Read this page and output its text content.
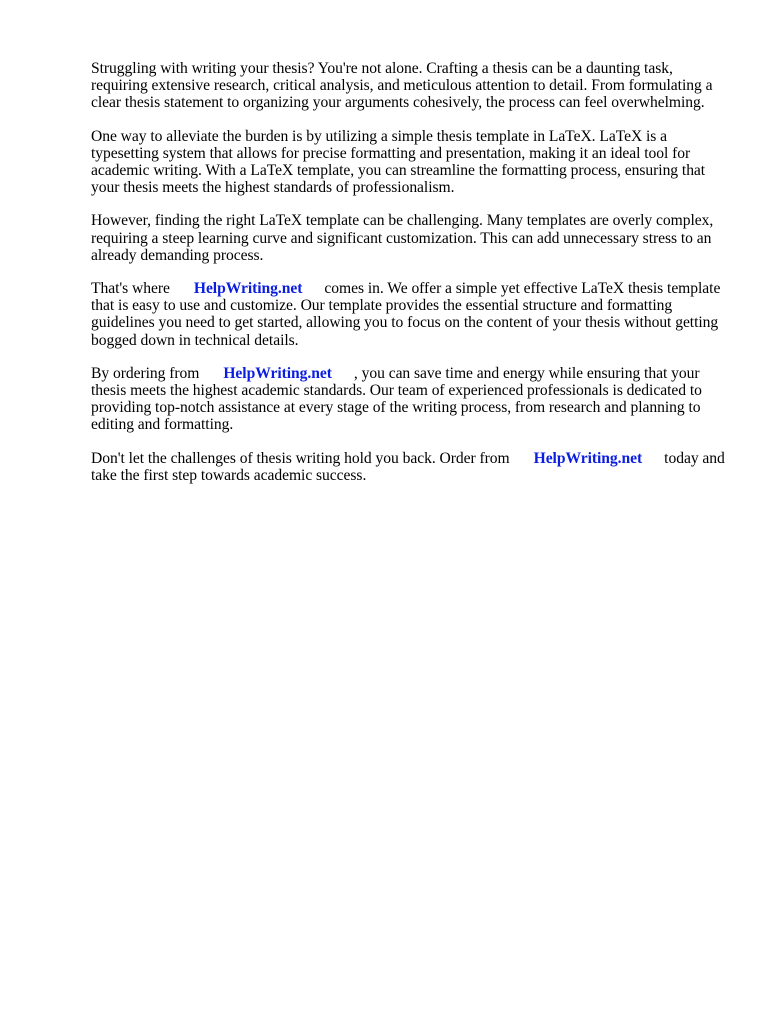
Struggling with writing your thesis? You're not alone. Crafting a thesis can be a daunting task, requiring extensive research, critical analysis, and meticulous attention to detail. From formulating a clear thesis statement to organizing your arguments cohesively, the process can feel overwhelming.

One way to alleviate the burden is by utilizing a simple thesis template in LaTeX. LaTeX is a typesetting system that allows for precise formatting and presentation, making it an ideal tool for academic writing. With a LaTeX template, you can streamline the formatting process, ensuring that your thesis meets the highest standards of professionalism.

However, finding the right LaTeX template can be challenging. Many templates are overly complex, requiring a steep learning curve and significant customization. This can add unnecessary stress to an already demanding process.

That's where HelpWriting.net comes in. We offer a simple yet effective LaTeX thesis template that is easy to use and customize. Our template provides the essential structure and formatting guidelines you need to get started, allowing you to focus on the content of your thesis without getting bogged down in technical details.

By ordering from HelpWriting.net , you can save time and energy while ensuring that your thesis meets the highest academic standards. Our team of experienced professionals is dedicated to providing top-notch assistance at every stage of the writing process, from research and planning to editing and formatting.

Don't let the challenges of thesis writing hold you back. Order from HelpWriting.net today and take the first step towards academic success.
